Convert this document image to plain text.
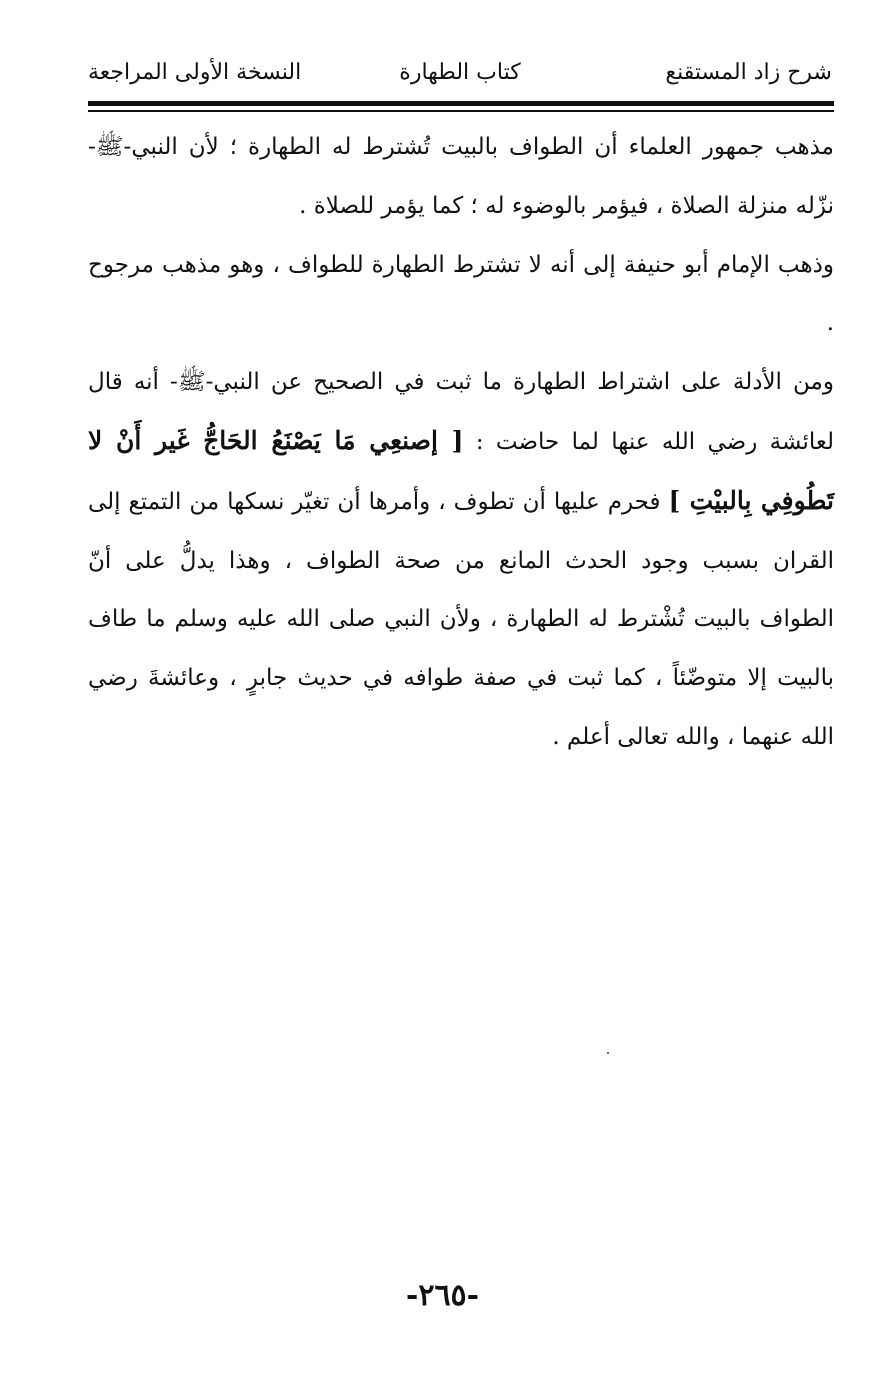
شرح زاد المستقنع
كتاب الطهارة
النسخة الأولى المراجعة

مذهب جمهور العلماء أن الطواف بالبيت تُشترط له الطهارة ؛ لأن النبي-ﷺ- نزّله منزلة الصلاة ، فيؤمر بالوضوء له ؛ كما يؤمر للصلاة .

وذهب الإمام أبو حنيفة إلى أنه لا تشترط الطهارة للطواف ، وهو مذهب مرجوح .

ومن الأدلة على اشتراط الطهارة ما ثبت في الصحيح عن النبي-ﷺ- أنه قال لعائشة رضي الله عنها لما حاضت : [ إصنعِي مَا يَصْنَعُ الحَاجُّ غَير أَنْ لا تَطُوفِي بِالبيْتِ ] فحرم عليها أن تطوف ، وأمرها أن تغيّر نسكها من التمتع إلى القران بسبب وجود الحدث المانع من صحة الطواف ، وهذا يدلُّ على أنّ الطواف بالبيت تُشْترط له الطهارة ، ولأن النبي صلى الله عليه وسلم ما طاف بالبيت إلا متوضّئاً ، كما ثبت في صفة طوافه في حديث جابرٍ ، وعائشةَ رضي الله عنهما ، والله تعالى أعلم .

-٢٦٥-
